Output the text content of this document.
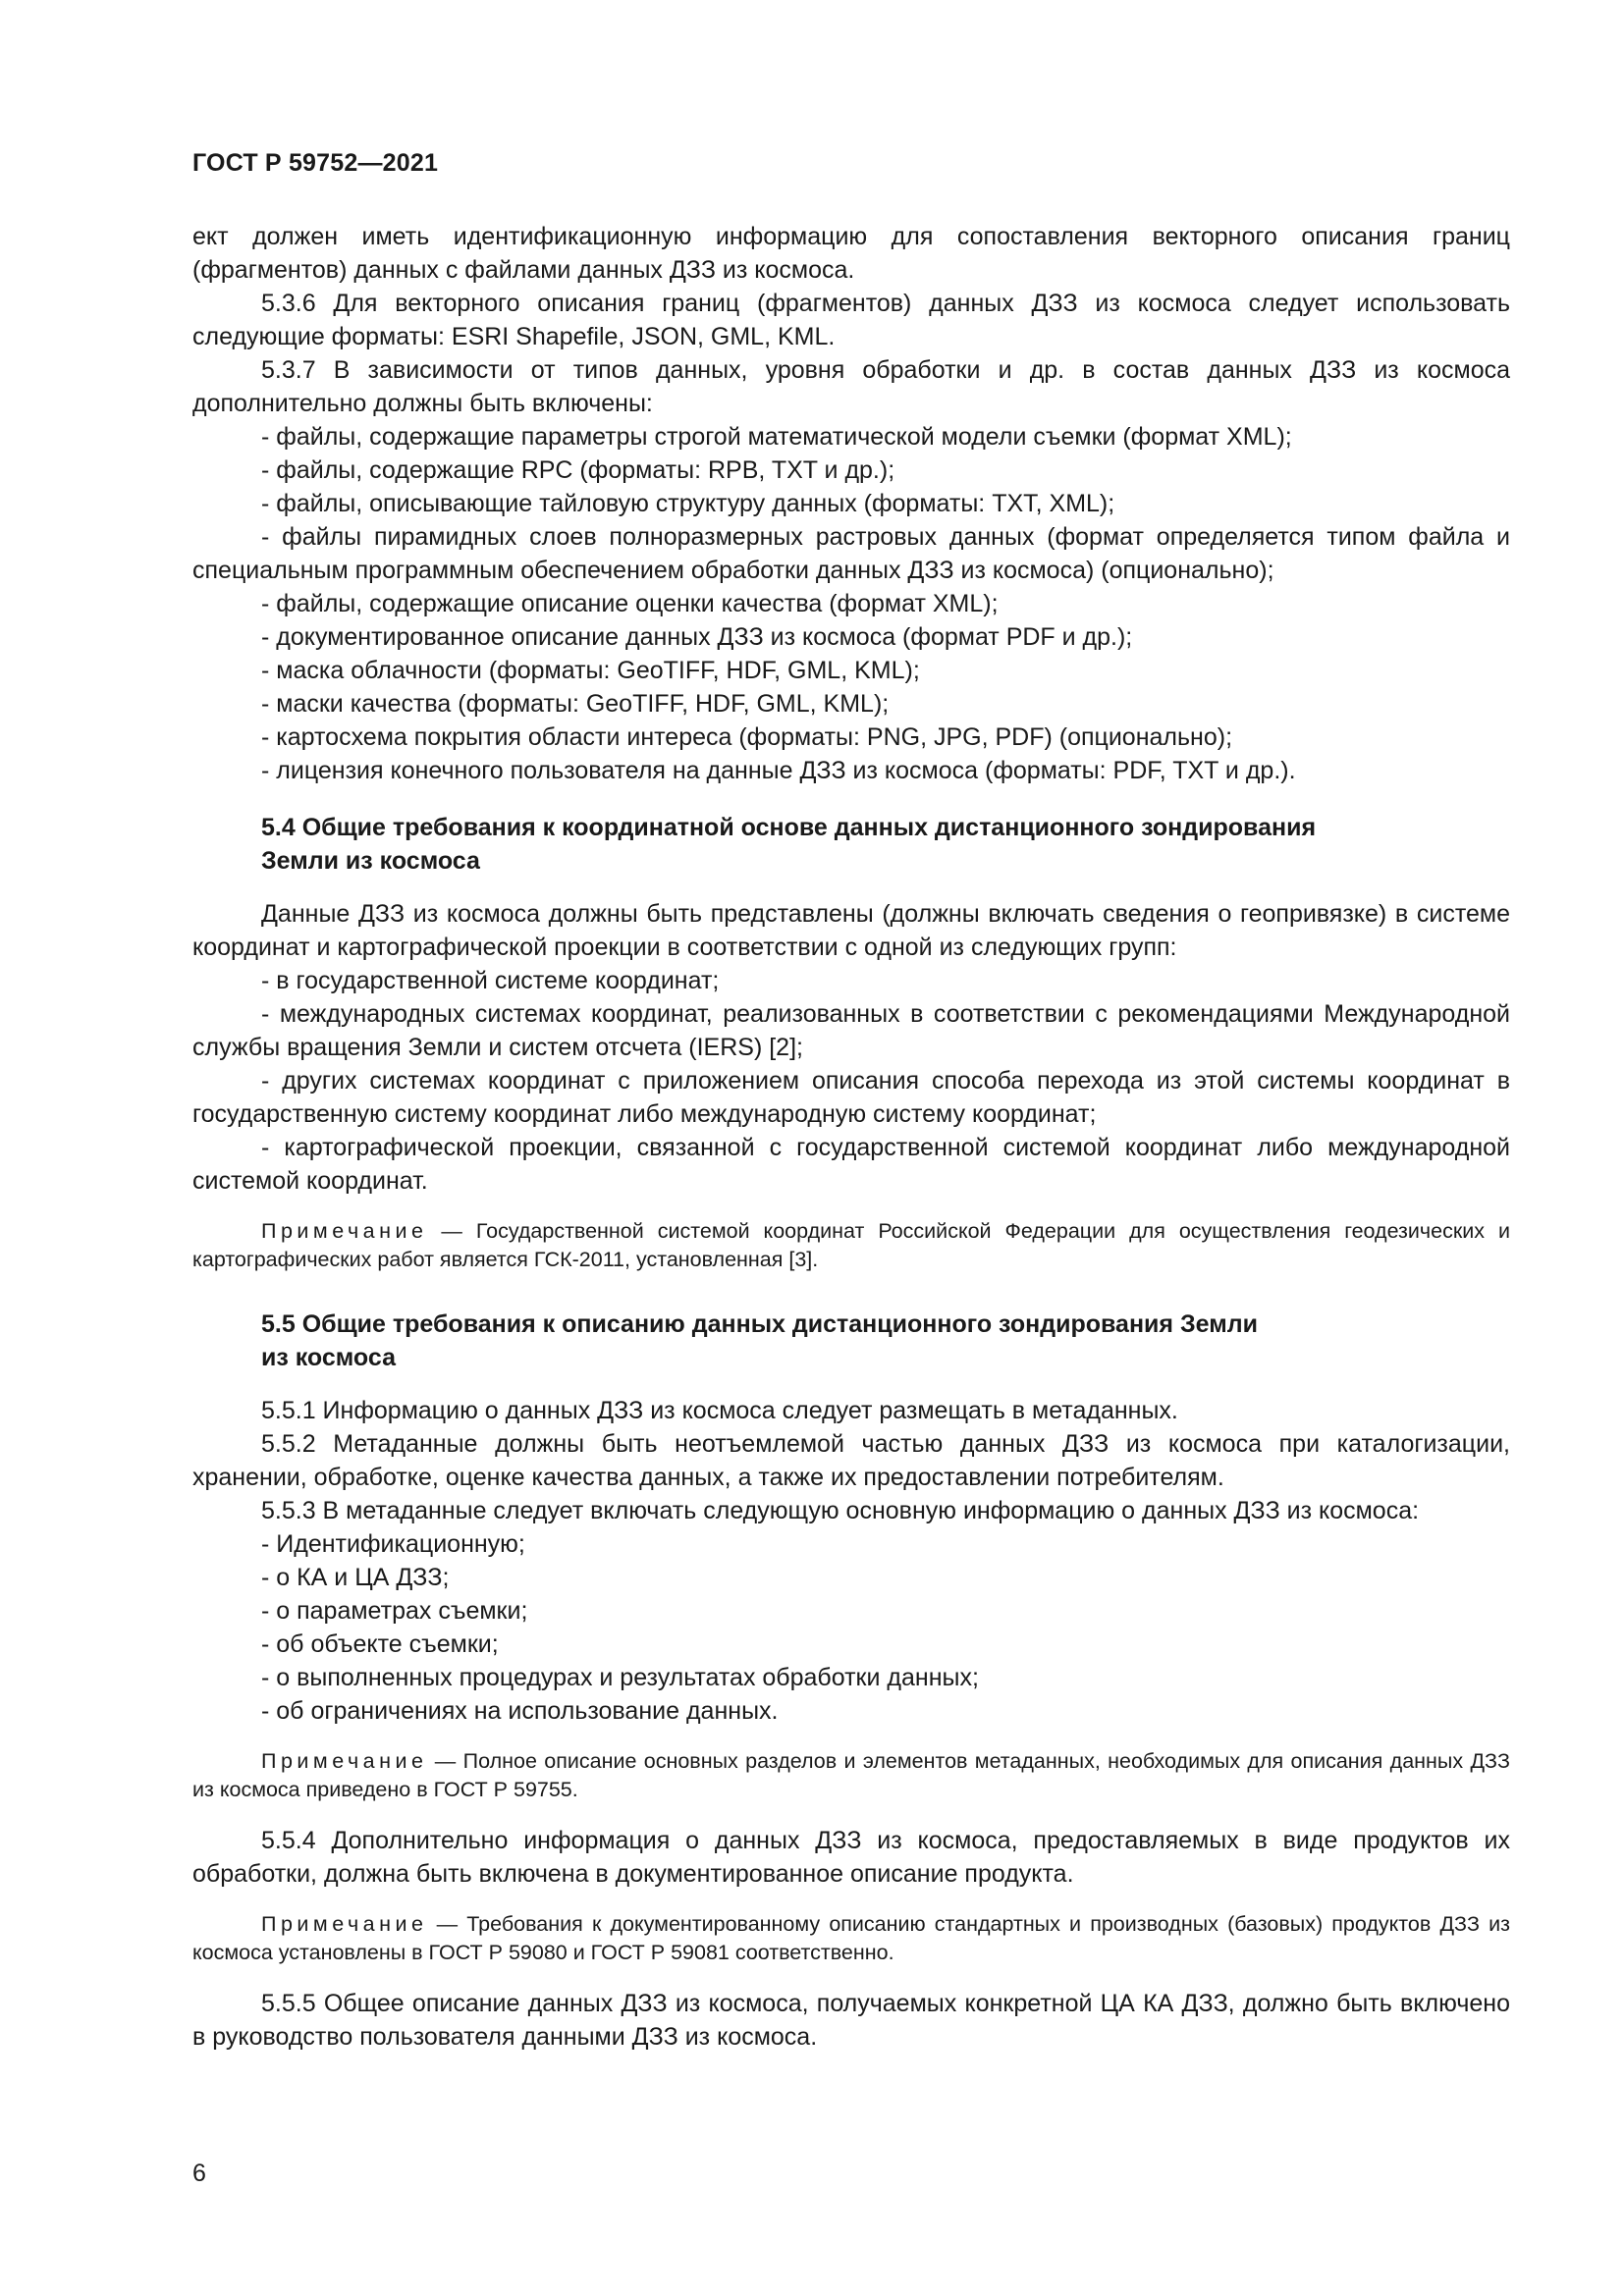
ГОСТ Р 59752—2021

ект должен иметь идентификационную информацию для сопоставления векторного описания границ (фрагментов) данных с файлами данных ДЗЗ из космоса.

5.3.6 Для векторного описания границ (фрагментов) данных ДЗЗ из космоса следует использовать следующие форматы: ESRI Shapefile, JSON, GML, KML.

5.3.7 В зависимости от типов данных, уровня обработки и др. в состав данных ДЗЗ из космоса дополнительно должны быть включены:

- файлы, содержащие параметры строгой математической модели съемки (формат XML);

- файлы, содержащие RPC (форматы: RPB, TXT и др.);

- файлы, описывающие тайловую структуру данных (форматы: TXT, XML);

- файлы пирамидных слоев полноразмерных растровых данных (формат определяется типом файла и специальным программным обеспечением обработки данных ДЗЗ из космоса) (опционально);

- файлы, содержащие описание оценки качества (формат XML);

- документированное описание данных ДЗЗ из космоса (формат PDF и др.);

- маска облачности (форматы: GeoTIFF, HDF, GML, KML);

- маски качества (форматы: GeoTIFF, HDF, GML, KML);

- картосхема покрытия области интереса (форматы: PNG, JPG, PDF) (опционально);

- лицензия конечного пользователя на данные ДЗЗ из космоса (форматы: PDF, TXT и др.).

5.4 Общие требования к координатной основе данных дистанционного зондирования
Земли из космоса

Данные ДЗЗ из космоса должны быть представлены (должны включать сведения о геопривязке) в системе координат и картографической проекции в соответствии с одной из следующих групп:

- в государственной системе координат;

- международных системах координат, реализованных в соответствии с рекомендациями Международной службы вращения Земли и систем отсчета (IERS) [2];

- других системах координат с приложением описания способа перехода из этой системы координат в государственную систему координат либо международную систему координат;

- картографической проекции, связанной с государственной системой координат либо международной системой координат.

Примечание — Государственной системой координат Российской Федерации для осуществления геодезических и картографических работ является ГСК-2011, установленная [3].

5.5 Общие требования к описанию данных дистанционного зондирования Земли
из космоса

5.5.1 Информацию о данных ДЗЗ из космоса следует размещать в метаданных.

5.5.2 Метаданные должны быть неотъемлемой частью данных ДЗЗ из космоса при каталогизации, хранении, обработке, оценке качества данных, а также их предоставлении потребителям.

5.5.3 В метаданные следует включать следующую основную информацию о данных ДЗЗ из космоса:

- Идентификационную;

- о КА и ЦА ДЗЗ;

- о параметрах съемки;

- об объекте съемки;

- о выполненных процедурах и результатах обработки данных;

- об ограничениях на использование данных.

Примечание — Полное описание основных разделов и элементов метаданных, необходимых для описания данных ДЗЗ из космоса приведено в ГОСТ Р 59755.

5.5.4 Дополнительно информация о данных ДЗЗ из космоса, предоставляемых в виде продуктов их обработки, должна быть включена в документированное описание продукта.

Примечание — Требования к документированному описанию стандартных и производных (базовых) продуктов ДЗЗ из космоса установлены в ГОСТ Р 59080 и ГОСТ Р 59081 соответственно.

5.5.5 Общее описание данных ДЗЗ из космоса, получаемых конкретной ЦА КА ДЗЗ, должно быть включено в руководство пользователя данными ДЗЗ из космоса.

6
